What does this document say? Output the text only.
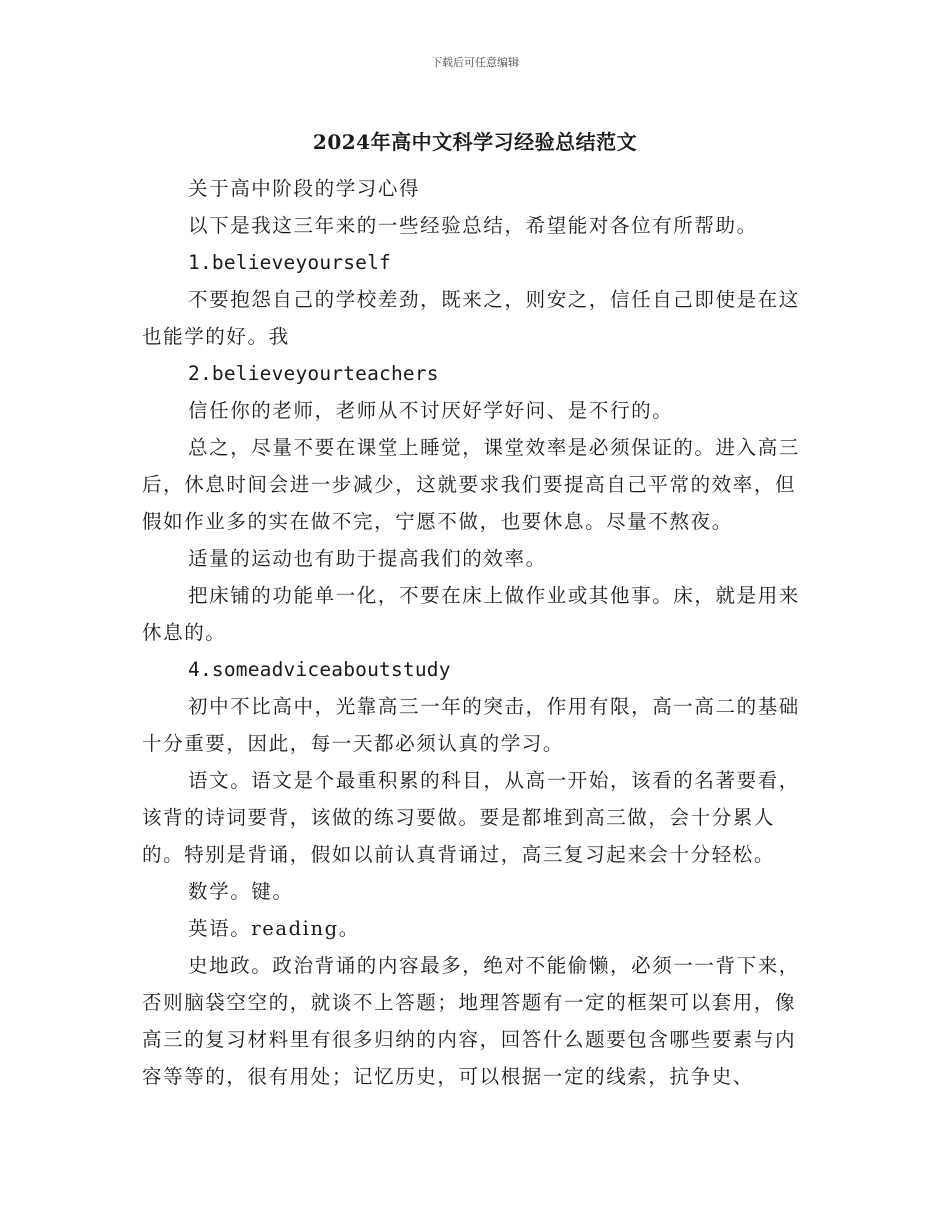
下载后可任意编辑
2024年高中文科学习经验总结范文

关于高中阶段的学习心得

以下是我这三年来的一些经验总结，希望能对各位有所帮助。

1.believeyourself

不要抱怨自己的学校差劲，既来之，则安之，信任自己即使是在这也能学的好。我

2.believeyourteachers

信任你的老师，老师从不讨厌好学好问、是不行的。

总之，尽量不要在课堂上睡觉，课堂效率是必须保证的。进入高三后，休息时间会进一步减少，这就要求我们要提高自己平常的效率，但假如作业多的实在做不完，宁愿不做，也要休息。尽量不熬夜。

适量的运动也有助于提高我们的效率。

把床铺的功能单一化，不要在床上做作业或其他事。床，就是用来休息的。

4.someadviceaboutstudy

初中不比高中，光靠高三一年的突击，作用有限，高一高二的基础十分重要，因此，每一天都必须认真的学习。

语文。语文是个最重积累的科目，从高一开始，该看的名著要看，该背的诗词要背，该做的练习要做。要是都堆到高三做，会十分累人的。特别是背诵，假如以前认真背诵过，高三复习起来会十分轻松。

数学。键。

英语。reading。

史地政。政治背诵的内容最多，绝对不能偷懒，必须一一背下来，否则脑袋空空的，就谈不上答题；地理答题有一定的框架可以套用，像高三的复习材料里有很多归纳的内容，回答什么题要包含哪些要素与内容等等的，很有用处；记忆历史，可以根据一定的线索，抗争史、
